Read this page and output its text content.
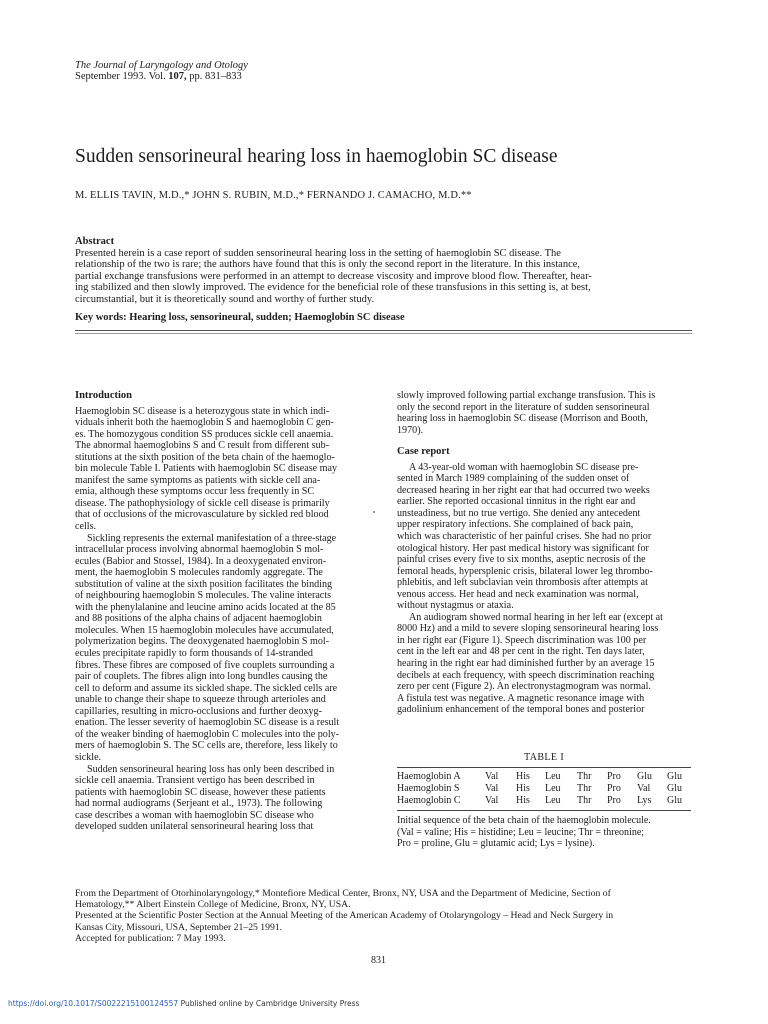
The Journal of Laryngology and Otology
September 1993. Vol. 107, pp. 831–833
Sudden sensorineural hearing loss in haemoglobin SC disease
M. ELLIS TAVIN, M.D.,* JOHN S. RUBIN, M.D.,* FERNANDO J. CAMACHO, M.D.**
Abstract

Presented herein is a case report of sudden sensorineural hearing loss in the setting of haemoglobin SC disease. The
relationship of the two is rare; the authors have found that this is only the second report in the literature. In this instance,
partial exchange transfusions were performed in an attempt to decrease viscosity and improve blood flow. Thereafter, hear-
ing stabilized and then slowly improved. The evidence for the beneficial role of these transfusions in this setting is, at best,
circumstantial, but it is theoretically sound and worthy of further study.

Key words: Hearing loss, sensorineural, sudden; Haemoglobin SC disease

Introduction
Haemoglobin SC disease is a heterozygous state in which indi-
viduals inherit both the haemoglobin S and haemoglobin C gen-
es. The homozygous condition SS produces sickle cell anaemia.
The abnormal haemoglobins S and C result from different sub-
stitutions at the sixth position of the beta chain of the haemoglo-
bin molecule Table I. Patients with haemoglobin SC disease may
manifest the same symptoms as patients with sickle cell ana-
emia, although these symptoms occur less frequently in SC
disease. The pathophysiology of sickle cell disease is primarily
that of occlusions of the microvasculature by sickled red blood
cells.
Sickling represents the external manifestation of a three-stage
intracellular process involving abnormal haemoglobin S mol-
ecules (Babior and Stossel, 1984). In a deoxygenated environ-
ment, the haemoglobin S molecules randomly aggregate. The
substitution of valine at the sixth position facilitates the binding
of neighbouring haemoglobin S molecules. The valine interacts
with the phenylalanine and leucine amino acids located at the 85
and 88 positions of the alpha chains of adjacent haemoglobin
molecules. When 15 haemoglobin molecules have accumulated,
polymerization begins. The deoxygenated haemoglobin S mol-
ecules precipitate rapidly to form thousands of 14-stranded
fibres. These fibres are composed of five couplets surrounding a
pair of couplets. The fibres align into long bundles causing the
cell to deform and assume its sickled shape. The sickled cells are
unable to change their shape to squeeze through arterioles and
capillaries, resulting in micro-occlusions and further deoxyg-
enation. The lesser severity of haemoglobin SC disease is a result
of the weaker binding of haemoglobin C molecules into the poly-
mers of haemoglobin S. The SC cells are, therefore, less likely to
sickle.
Sudden sensorineural hearing loss has only been described in
sickle cell anaemia. Transient vertigo has been described in
patients with haemoglobin SC disease, however these patients
had normal audiograms (Serjeant et al., 1973). The following
case describes a woman with haemoglobin SC disease who
developed sudden unilateral sensorineural hearing loss that
slowly improved following partial exchange transfusion. This is
only the second report in the literature of sudden sensorineural
hearing loss in haemoglobin SC disease (Morrison and Booth,
1970).
Case report
A 43-year-old woman with haemoglobin SC disease pre-
sented in March 1989 complaining of the sudden onset of
decreased hearing in her right ear that had occurred two weeks
earlier. She reported occasional tinnitus in the right ear and
unsteadiness, but no true vertigo. She denied any antecedent
upper respiratory infections. She complained of back pain,
which was characteristic of her painful crises. She had no prior
otological history. Her past medical history was significant for
painful crises every five to six months, aseptic necrosis of the
femoral heads, hypersplenic crisis, bilateral lower leg thrombo-
phlebitis, and left subclavian vein thrombosis after attempts at
venous access. Her head and neck examination was normal,
without nystagmus or ataxia.
An audiogram showed normal hearing in her left ear (except at
8000 Hz) and a mild to severe sloping sensorineural hearing loss
in her right ear (Figure 1). Speech discrimination was 100 per
cent in the left ear and 48 per cent in the right. Ten days later,
hearing in the right ear had diminished further by an average 15
decibels at each frequency, with speech discrimination reaching
zero per cent (Figure 2). An electronystagmogram was normal.
A fistula test was negative. A magnetic resonance image with
gadolinium enhancement of the temporal bones and posterior
TABLE I
Haemoglobin A Val His Leu Thr Pro Glu Glu
Haemoglobin S	Val His Leu Thr Pro Val Glu
Haemoglobin C Val His Leu Thr Pro Lys Glu
Initial sequence of the beta chain of the haemoglobin molecule.
(Val = valine; His = histidine; Leu = leucine; Thr = threonine;
Pro = proline, Glu = glutamic acid; Lys = lysine).
From the Department of Otorhinolaryngology,* Montefiore Medical Center, Bronx, NY, USA and the Department of Medicine, Section of
Hematology,** Albert Einstein College of Medicine, Bronx, NY, USA.
Presented at the Scientific Poster Section at the Annual Meeting of the American Academy of Otolaryngology – Head and Neck Surgery in
Kansas City, Missouri, USA, September 21–25 1991.
Accepted for publication: 7 May 1993.
831
https://doi.org/10.1017/S0022215100124557 Published online by Cambridge University Press
